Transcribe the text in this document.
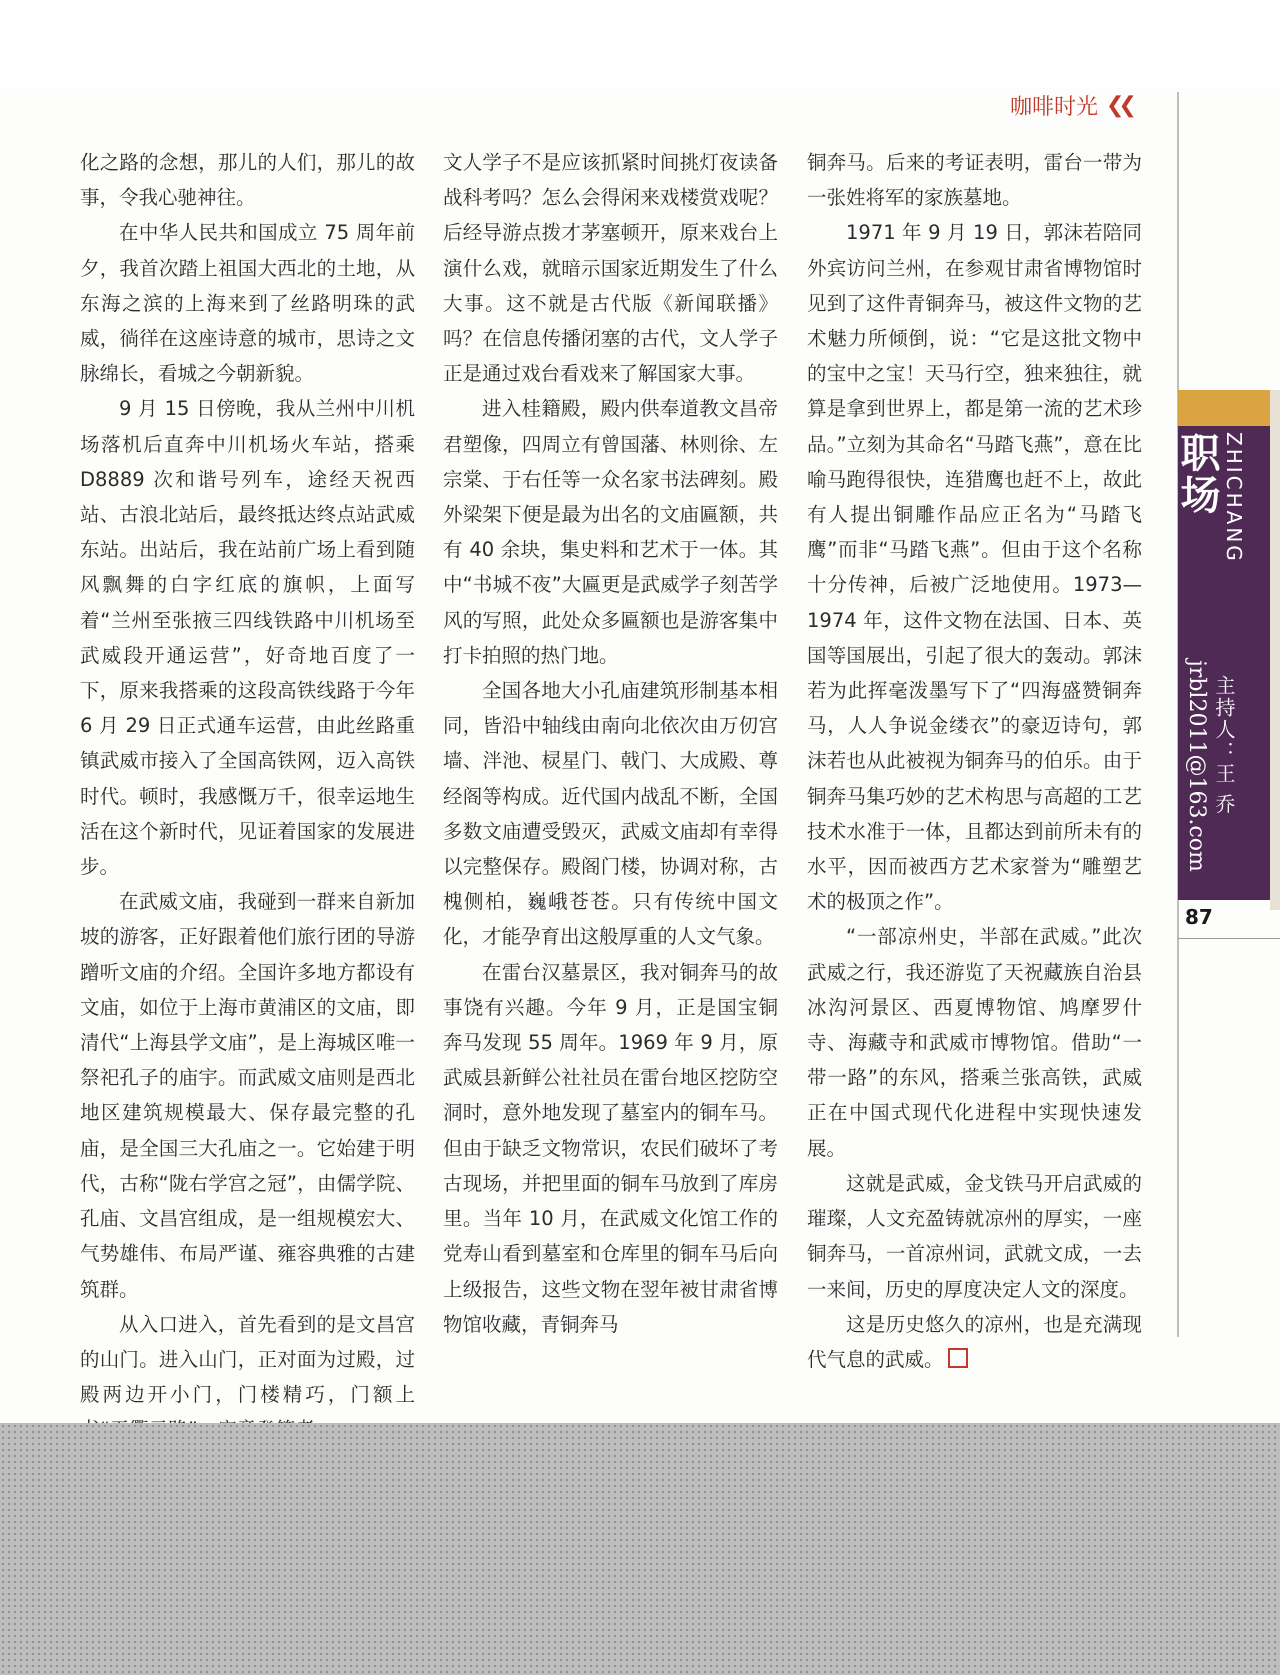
咖啡时光 ❮❮

化之路的念想，那儿的人们，那儿的故事，令我心驰神往。

在中华人民共和国成立 75 周年前夕，我首次踏上祖国大西北的土地，从东海之滨的上海来到了丝路明珠的武威，徜徉在这座诗意的城市，思诗之文脉绵长，看城之今朝新貌。

9 月 15 日傍晚，我从兰州中川机场落机后直奔中川机场火车站，搭乘 D8889 次和谐号列车，途经天祝西站、古浪北站后，最终抵达终点站武威东站。出站后，我在站前广场上看到随风飘舞的白字红底的旗帜，上面写着“兰州至张掖三四线铁路中川机场至武威段开通运营”，好奇地百度了一下，原来我搭乘的这段高铁线路于今年 6 月 29 日正式通车运营，由此丝路重镇武威市接入了全国高铁网，迈入高铁时代。顿时，我感慨万千，很幸运地生活在这个新时代，见证着国家的发展进步。

在武威文庙，我碰到一群来自新加坡的游客，正好跟着他们旅行团的导游蹭听文庙的介绍。全国许多地方都设有文庙，如位于上海市黄浦区的文庙，即清代“上海县学文庙”，是上海城区唯一祭祀孔子的庙宇。而武威文庙则是西北地区建筑规模最大、保存最完整的孔庙，是全国三大孔庙之一。它始建于明代，古称“陇右学宫之冠”，由儒学院、孔庙、文昌宫组成，是一组规模宏大、气势雄伟、布局严谨、雍容典雅的古建筑群。

从入口进入，首先看到的是文昌宫的山门。进入山门，正对面为过殿，过殿两边开小门，门楼精巧，门额上

文人学子不是应该抓紧时间挑灯夜读备战科考吗？怎么会得闲来戏楼赏戏呢？后经导游点拨才茅塞顿开，原来戏台上演什么戏，就暗示国家近期发生了什么大事。这不就是古代版《新闻联播》吗？在信息传播闭塞的古代，文人学子正是通过戏台看戏来了解国家大事。

进入桂籍殿，殿内供奉道教文昌帝君塑像，四周立有曾国藩、林则徐、左宗棠、于右任等一众名家书法碑刻。殿外梁架下便是最为出名的文庙匾额，共有 40 余块，集史料和艺术于一体。其中“书城不夜”大匾更是武威学子刻苦学风的写照，此处众多匾额也是游客集中打卡拍照的热门地。

全国各地大小孔庙建筑形制基本相同，皆沿中轴线由南向北依次由万仞宫墙、泮池、棂星门、戟门、大成殿、尊经阁等构成。近代国内战乱不断，全国多数文庙遭受毁灭，武威文庙却有幸得以完整保存。殿阁门楼，协调对称，古槐侧柏，巍峨苍苍。只有传统中国文化，才能孕育出这般厚重的人文气象。

在雷台汉墓景区，我对铜奔马的故事饶有兴趣。今年 9 月，正是国宝铜奔马发现 55 周年。1969 年 9 月，原武威县新鲜公社社员在雷台地区挖防空洞时，意外地发现了墓室内的铜车马。但由于缺乏文物常识，农民们破坏了考古现场，并把里面的铜车马放到了库房里。当年 10 月，在武威文化馆工作的党寿山看到墓室和仓库里的铜车马后向上级报告，这些文物在翌年被甘肃省博物馆收藏，青铜奔马

铜奔马。后来的考证表明，雷台一带为一张姓将军的家族墓地。

1971 年 9 月 19 日，郭沫若陪同外宾访问兰州，在参观甘肃省博物馆时见到了这件青铜奔马，被这件文物的艺术魅力所倾倒，说：“它是这批文物中的宝中之宝！天马行空，独来独往，就算是拿到世界上，都是第一流的艺术珍品。”立刻为其命名“马踏飞燕”，意在比喻马跑得很快，连猎鹰也赶不上，故此有人提出铜雕作品应正名为“马踏飞鹰”而非“马踏飞燕”。但由于这个名称十分传神，后被广泛地使用。1973—1974 年，这件文物在法国、日本、英国等国展出，引起了很大的轰动。郭沫若为此挥毫泼墨写下了“四海盛赞铜奔马，人人争说金缕衣”的豪迈诗句，郭沫若也从此被视为铜奔马的伯乐。由于铜奔马集巧妙的艺术构思与高超的工艺技术水准于一体，且都达到前所未有的水平，因而被西方艺术家誉为“雕塑艺术的极顶之作”。

“一部凉州史，半部在武威。”此次武威之行，我还游览了天祝藏族自治县冰沟河景区、西夏博物馆、鸠摩罗什寺、海藏寺和武威市博物馆。借助“一带一路”的东风，搭乘兰张高铁，武威正在中国式现代化进程中实现快速发展。

这就是武威，金戈铁马开启武威的璀璨，人文充盈铸就凉州的厚实，一座铜奔马，一首凉州词，武就文成，一去一来间，历史的厚度决定人文的深度。

这是历史悠久的凉州，也是充满现代气息的武威。

职场 ZHICHANG
主持人：王 乔
jrbl2011@163.com
87
